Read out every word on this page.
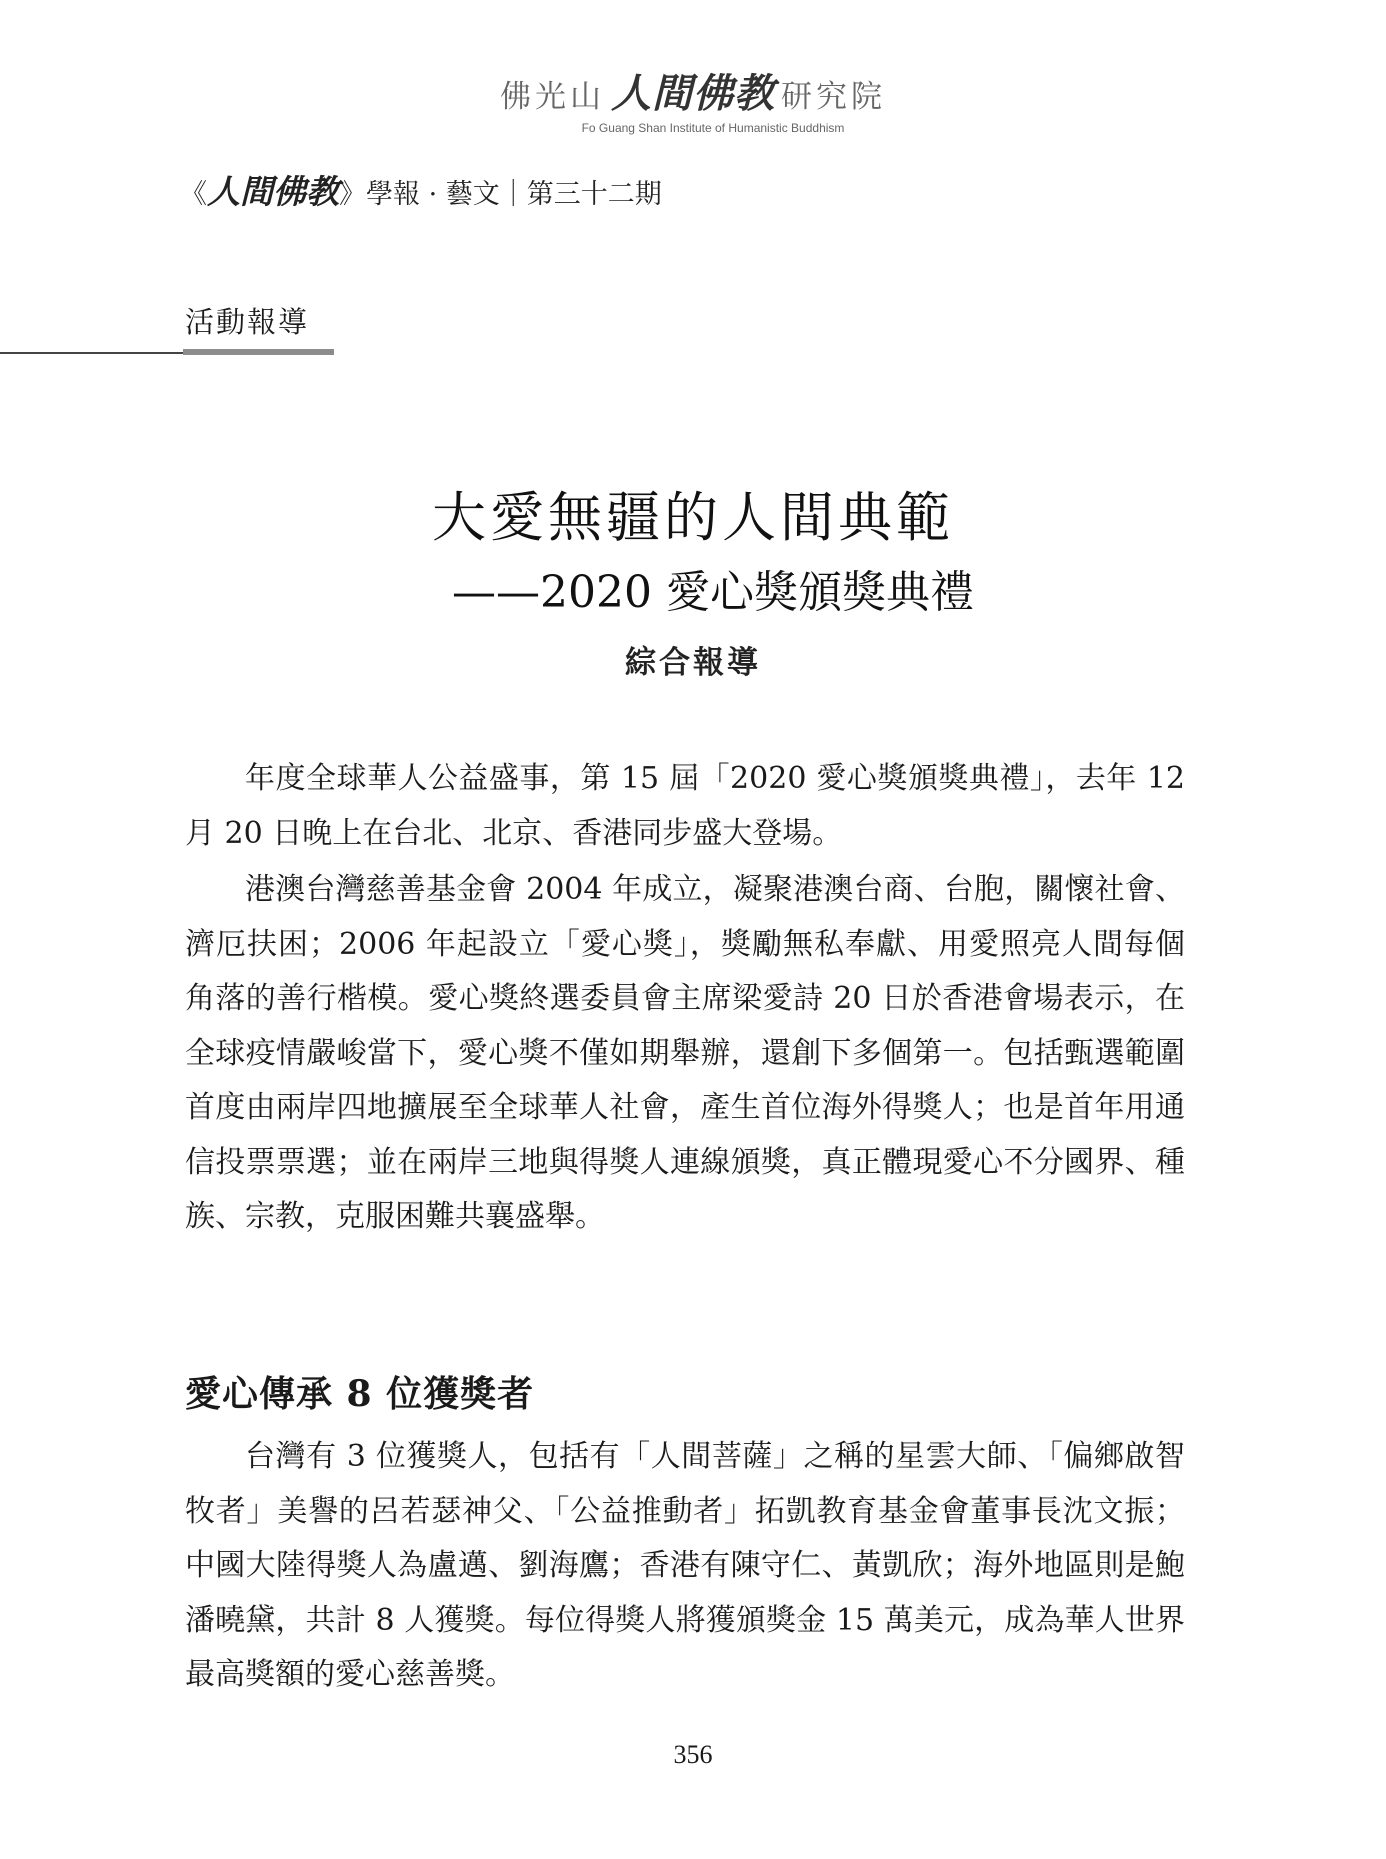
佛光山 人間佛教 研究院
Fo Guang Shan Institute of Humanistic Buddhism
《 人間佛教 》學報 · 藝文｜第三十二期
活動報導
大愛無疆的人間典範
——2020 愛心獎頒獎典禮
綜合報導

年度全球華人公益盛事，第 15 屆「2020 愛心獎頒獎典禮」，去年 12 月 20 日晚上在台北、北京、香港同步盛大登場。

港澳台灣慈善基金會 2004 年成立，凝聚港澳台商、台胞，關懷社會、濟厄扶困；2006 年起設立「愛心獎」，獎勵無私奉獻、用愛照亮人間每個角落的善行楷模。愛心獎終選委員會主席梁愛詩 20 日於香港會場表示，在全球疫情嚴峻當下，愛心獎不僅如期舉辦，還創下多個第一。包括甄選範圍首度由兩岸四地擴展至全球華人社會，產生首位海外得獎人；也是首年用通信投票票選；並在兩岸三地與得獎人連線頒獎，真正體現愛心不分國界、種族、宗教，克服困難共襄盛舉。

愛心傳承 8 位獲獎者

台灣有 3 位獲獎人，包括有「人間菩薩」之稱的星雲大師、「偏鄉啟智牧者」美譽的呂若瑟神父、「公益推動者」拓凱教育基金會董事長沈文振；中國大陸得獎人為盧邁、劉海鷹；香港有陳守仁、黃凱欣；海外地區則是鮑潘曉黛，共計 8 人獲獎。每位得獎人將獲頒獎金 15 萬美元，成為華人世界最高獎額的愛心慈善獎。

356
